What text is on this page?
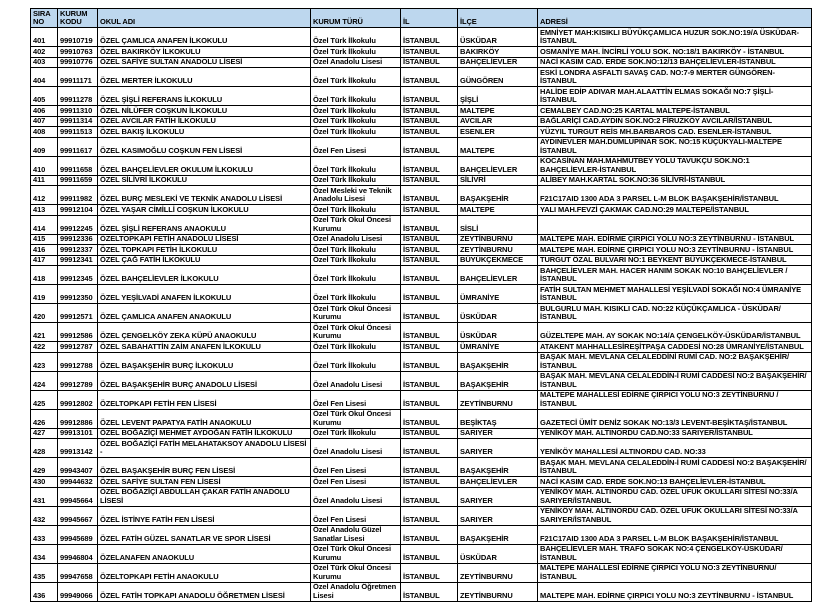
SIRA NO	KURUM KODU	OKUL ADI	KURUM TÜRÜ	İL	İLÇE	ADRESİ
401	99910719	ÖZEL ÇAMLICA ANAFEN İLKOKULU	Özel Türk İlkokulu	İSTANBUL	ÜSKÜDAR	EMNİYET MAH:KISIKLI BÜYÜKÇAMLICA HUZUR SOK.NO:19/A ÜSKÜDAR-İSTANBUL
402	99910763	ÖZEL BAKIRKÖY İLKOKULU	Özel Türk İlkokulu	İSTANBUL	BAKIRKÖY	OSMANİYE MAH. İNCİRLİ YOLU SOK. NO:18/1 BAKIRKÖY - İSTANBUL
403	99910776	ÖZEL SAFİYE SULTAN ANADOLU LİSESİ	Özel Anadolu Lisesi	İSTANBUL	BAHÇELİEVLER	NACİ KASIM CAD. ERDE SOK.NO:12/13 BAHÇELİEVLER-İSTANBUL
404	99911171	ÖZEL MERTER İLKOKULU	Özel Türk İlkokulu	İSTANBUL	GÜNGÖREN	ESKİ LONDRA ASFALTI SAVAŞ CAD. NO:7-9 MERTER GÜNGÖREN-İSTANBUL
405	99911278	ÖZEL ŞİŞLİ REFERANS İLKOKULU	Özel Türk İlkokulu	İSTANBUL	ŞİŞLİ	HALİDE EDİP ADIVAR MAH.ALAATTİN ELMAS SOKAĞI NO:7 ŞİŞLİ-İSTANBUL
406	99911310	ÖZEL NİLÜFER COŞKUN İLKOKULU	Özel Türk İlkokulu	İSTANBUL	MALTEPE	CEMALBEY CAD.NO:25 KARTAL MALTEPE-İSTANBUL
407	99911314	ÖZEL AVCILAR FATİH İLKOKULU	Özel Türk İlkokulu	İSTANBUL	AVCILAR	BAĞLARİÇİ CAD.AYDIN SOK.NO:2 FİRUZKÖY AVCILAR/İSTANBUL
408	99911513	ÖZEL BAKIŞ İLKOKULU	Özel Türk İlkokulu	İSTANBUL	ESENLER	YÜZYIL TURGUT REİS MH.BARBAROS CAD. ESENLER-İSTANBUL
409	99911617	ÖZEL KASIMOĞLU COŞKUN FEN LİSESİ	Özel Fen Lisesi	İSTANBUL	MALTEPE	AYDINEVLER MAH.DUMLUPINAR SOK. NO:15 KÜÇÜKYALI-MALTEPE İSTANBUL
410	99911658	ÖZEL BAHÇELİEVLER OKULUM İLKOKULU	Özel Türk İlkokulu	İSTANBUL	BAHÇELİEVLER	KOCASİNAN MAH.MAHMUTBEY YOLU TAVUKÇU SOK.NO:1 BAHÇELİEVLER-İSTANBUL
411	99911659	ÖZEL SİLİVRİ İLKOKULU	Özel Türk İlkokulu	İSTANBUL	SİLİVRİ	ALİBEY MAH.KARTAL SOK.NO:36 SİLİVRİ-İSTANBUL
412	99911982	ÖZEL BURÇ MESLEKİ VE TEKNİK ANADOLU LİSESİ	Özel Mesleki ve Teknik Anadolu Lisesi	İSTANBUL	BAŞAKŞEHİR	F21C17AID 1300 ADA 3 PARSEL L-M BLOK BAŞAKŞEHİR/İSTANBUL
413	99912104	ÖZEL YAŞAR CİMİLLİ COŞKUN İLKOKULU	Özel Türk İlkokulu	İSTANBUL	MALTEPE	YALI MAH.FEVZİ ÇAKMAK CAD.NO:29 MALTEPE/İSTANBUL
414	99912245	ÖZEL ŞİŞLİ REFERANS ANAOKULU	Özel Türk Okul Öncesi Kurumu	İSTANBUL	SİSLİ	
415	99912336	ÖZELTOPKAPI FETİH ANADOLU LİSESİ	Özel Anadolu Lisesi	İSTANBUL	ZEYTİNBURNU	MALTEPE MAH. EDİRME ÇIRPICI YOLU NO:3 ZEYTİNBURNU - İSTANBUL
416	99912337	ÖZEL TOPKAPI FETİH İLKOKULU	Özel Türk İlkokulu	İSTANBUL	ZEYTİNBURNU	MALTEPE MAH. EDİRNE ÇIRPICI YOLU NO:3 ZEYTİNBURNU - İSTANBUL
417	99912341	ÖZEL ÇAĞ FATİH İLKOKULU	Özel Türk İlkokulu	İSTANBUL	BÜYÜKÇEKMECE	TURGUT ÖZAL BULVARI NO:1 BEYKENT BÜYÜKÇEKMECE-İSTANBUL
418	99912345	ÖZEL BAHÇELİEVLER İLKOKULU	Özel Türk İlkokulu	İSTANBUL	BAHÇELİEVLER	BAHÇELİEVLER MAH. HACER HANIM SOKAK NO:10 BAHÇELİEVLER / İSTANBUL
419	99912350	ÖZEL YEŞİLVADİ ANAFEN İLKOKULU	Özel Türk İlkokulu	İSTANBUL	ÜMRANİYE	FATİH SULTAN MEHMET MAHALLESİ YEŞİLVADİ SOKAĞI NO:4 ÜMRANİYE İSTANBUL
420	99912571	ÖZEL ÇAMLICA ANAFEN ANAOKULU	Özel Türk Okul Öncesi Kurumu	İSTANBUL	ÜSKÜDAR	BULGURLU MAH. KISIKLI CAD. NO:22 KÜÇÜKÇAMLICA - ÜSKÜDAR/İSTANBUL
421	99912586	ÖZEL ÇENGELKÖY ZEKA KÜPÜ ANAOKULU	Özel Türk Okul Öncesi Kurumu	İSTANBUL	ÜSKÜDAR	GÜZELTEPE MAH. AY SOKAK NO:14/A ÇENGELKÖY-ÜSKÜDAR/İSTANBUL
422	99912787	ÖZEL SABAHATTİN ZAİM ANAFEN İLKOKULU	Özel Türk İlkokulu	İSTANBUL	ÜMRANİYE	ATAKENT MAHHALLESİREŞİTPAŞA CADDESİ NO:28 ÜMRANİYE/İSTANBUL
423	99912788	ÖZEL BAŞAKŞEHİR BURÇ İLKOKULU	Özel Türk İlkokulu	İSTANBUL	BAŞAKŞEHİR	BAŞAK MAH. MEVLANA CELALEDDİNİ RUMİ CAD. NO:2 BAŞAKŞEHİR/İSTANBUL
424	99912789	ÖZEL BAŞAKŞEHİR BURÇ ANADOLU LİSESİ	Özel Anadolu Lisesi	İSTANBUL	BAŞAKŞEHİR	BAŞAK MAH. MEVLANA CELALEDDİN-İ RUMİ CADDESİ NO:2 BAŞAKŞEHİR/İSTANBUL
425	99912802	ÖZELTOPKAPI FETİH FEN LİSESİ	Özel Fen Lisesi	İSTANBUL	ZEYTİNBURNU	MALTEPE MAHALLESİ EDİRNE ÇIRPICI YOLU NO:3 ZEYTİNBURNU /İSTANBUL
426	99912886	ÖZEL LEVENT PAPATYA FATİH ANAOKULU	Özel Türk Okul Öncesi Kurumu	İSTANBUL	BEŞİKTAŞ	GAZETECİ ÜMİT DENİZ SOKAK NO:13/3 LEVENT-BEŞİKTAŞ/İSTANBUL
427	99913101	ÖZEL BOĞAZİÇİ MEHMET AYDOĞAN FATİH İLKOKULU	Özel Türk İlkokulu	İSTANBUL	SARIYER	YENİKÖY MAH. ALTINORDU CAD.NO:33 SARIYER/İSTANBUL
428	99913142	ÖZEL BOĞAZİÇİ FATİH MELAHATAKSOY ANADOLU LİSESİ -	Özel Anadolu Lisesi	İSTANBUL	SARIYER	YENİKÖY MAHALLESİ ALTINORDU CAD. NO:33
429	99943407	ÖZEL BAŞAKŞEHİR BURÇ FEN LİSESİ	Özel Fen Lisesi	İSTANBUL	BAŞAKŞEHİR	BAŞAK MAH. MEVLANA CELALEDDİN-İ RUMİ CADDESİ NO:2 BAŞAKŞEHİR/İSTANBUL
430	99944632	ÖZEL SAFİYE SULTAN FEN LİSESİ	Özel Fen Lisesi	İSTANBUL	BAHÇELİEVLER	NACİ KASIM CAD. ERDE SOK.NO:13 BAHÇELİEVLER-İSTANBUL
431	99945664	ÖZEL BOĞAZİÇİ ABDULLAH ÇAKAR FATİH ANADOLU LİSESİ	Özel Anadolu Lisesi	İSTANBUL	SARIYER	YENİKÖY MAH. ALTINORDU CAD. ÖZEL UFUK OKULLARI SİTESİ NO:33/A SARIYER/İSTANBUL
432	99945667	ÖZEL İSTİNYE FATİH FEN LİSESİ	Özel Fen Lisesi	İSTANBUL	SARIYER	YENİKÖY MAH. ALTINORDU CAD. ÖZEL UFUK OKULLARI SİTESİ NO:33/A SARIYER/İSTANBUL
433	99945689	ÖZEL FATİH GÜZEL SANATLAR VE SPOR LİSESİ	Özel Anadolu Güzel Sanatlar Lisesi	İSTANBUL	BAŞAKŞEHİR	F21C17AID 1300 ADA 3 PARSEL L-M BLOK BAŞAKŞEHİR/İSTANBUL
434	99946804	ÖZELANAFEN ANAOKULU	Özel Türk Okul Öncesi Kurumu	İSTANBUL	ÜSKÜDAR	BAHÇELİEVLER MAH. TRAFO SOKAK NO:4 ÇENGELKÖY-ÜSKÜDAR/İSTANBUL
435	99947658	ÖZELTOPKAPI FETİH ANAOKULU	Özel Türk Okul Öncesi Kurumu	İSTANBUL	ZEYTİNBURNU	MALTEPE MAHALLESİ EDİRNE ÇIRPICI YOLU NO:3 ZEYTİNBURNU/İSTANBUL
436	99949066	ÖZEL FATİH TOPKAPI ANADOLU ÖĞRETMEN LİSESİ	Özel Anadolu Öğretmen Lisesi	İSTANBUL	ZEYTİNBURNU	MALTEPE MAH. EDİRNE ÇIRPICI YOLU NO:3 ZEYTİNBURNU - İSTANBUL
